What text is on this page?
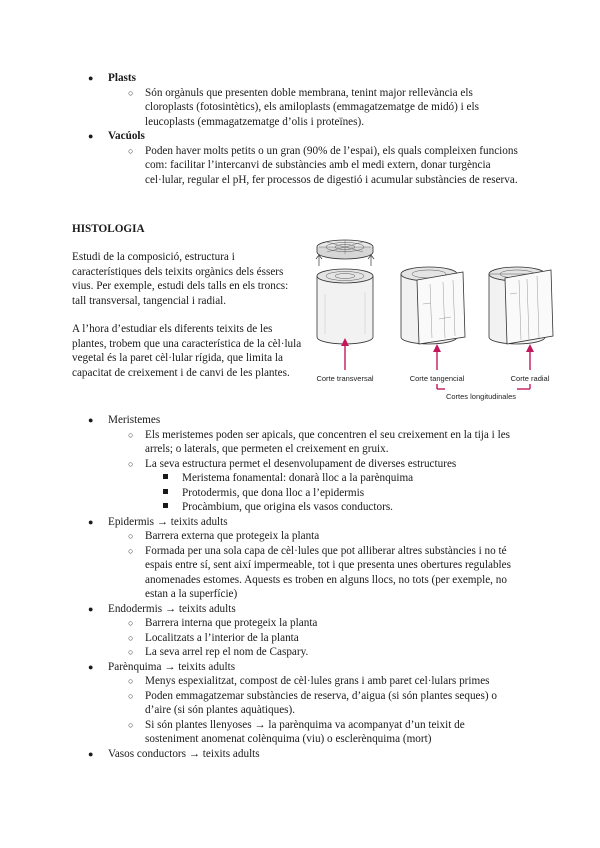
● Plasts
○ Són orgànuls que presenten doble membrana, tenint major rellevància els cloroplasts (fotosintètics), els amiloplasts (emmagatzematge de midó) i els leucoplasts (emmagatzematge d’olis i proteïnes).
● Vacúols
○ Poden haver molts petits o un gran (90% de l’espai), els quals compleixen funcions com: facilitar l’intercanvi de substàncies amb el medi extern, donar turgència cel·lular, regular el pH, fer processos de digestió i acumular substàncies de reserva.
HISTOLOGIA

Estudi de la composició, estructura i característiques dels teixits orgànics dels éssers vius. Per exemple, estudi dels talls en els troncs: tall transversal, tangencial i radial.

A l’hora d’estudiar els diferents teixits de les plantes, trobem que una característica de la cèl·lula vegetal és la paret cèl·lular rígida, que limita la capacitat de creixement i de canvi de les plantes.	Corte transversal	Corte tangencial	Corte radial
Cortes longitudinales
● Meristemes
○ Els meristemes poden ser apicals, que concentren el seu creixement en la tija i les arrels; o laterals, que permeten el creixement en gruix.
○ La seva estructura permet el desenvolupament de diverses estructures
Meristema fonamental: donarà lloc a la parènquima
Protodermis, que dona lloc a l’epidermis
Procàmbium, que origina els vasos conductors.
● Epidermis → teixits adults
○ Barrera externa que protegeix la planta
○ Formada per una sola capa de cèl·lules que pot alliberar altres substàncies i no té espais entre sí, sent així impermeable, tot i que presenta unes obertures regulables anomenades estomes. Aquests es troben en alguns llocs, no tots (per exemple, no estan a la superfície)
● Endodermis → teixits adults
○ Barrera interna que protegeix la planta
○ Localitzats a l’interior de la planta
○ La seva arrel rep el nom de Caspary.
● Parènquima → teixits adults
○ Menys espexialitzat, compost de cèl·lules grans i amb paret cel·lulars primes
○ Poden emmagatzemar substàncies de reserva, d’aigua (si són plantes seques) o d’aire (si són plantes aquàtiques).
○ Si són plantes llenyoses → la parènquima va acompanyat d’un teixit de sosteniment anomenat colènquima (viu) o esclerènquima (mort)
● Vasos conductors → teixits adults
